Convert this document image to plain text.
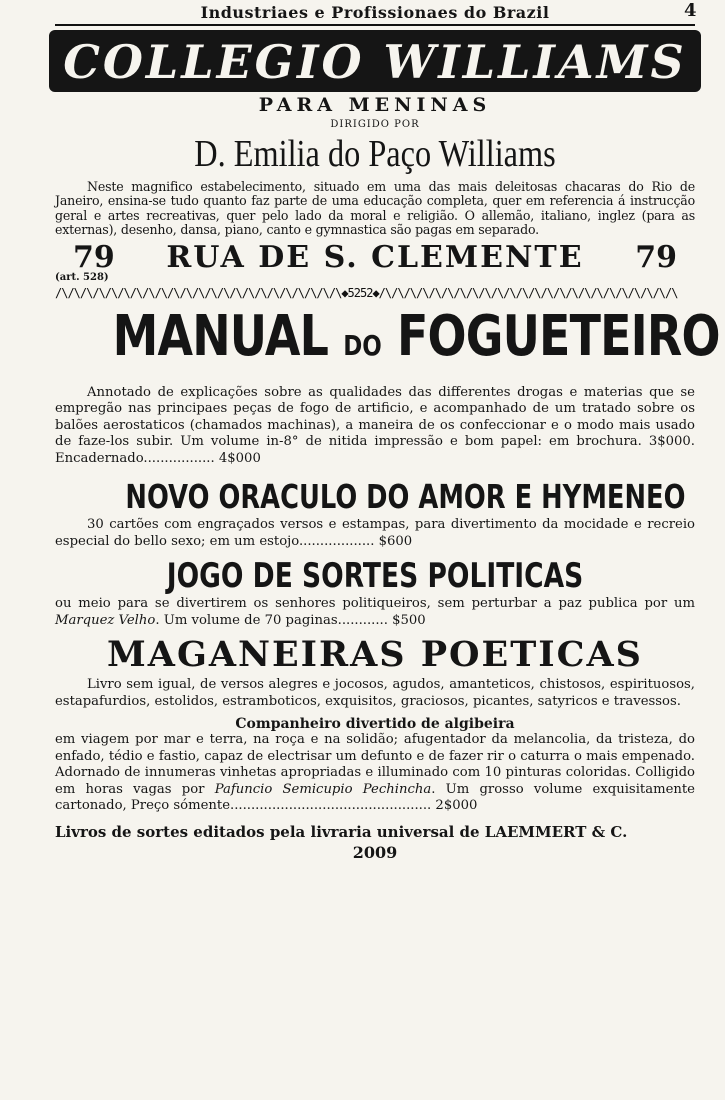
Industriaes e Profissionaes do Brazil	4
COLLEGIO WILLIAMS
PARA MENINAS
DIRIGIDO POR
D. Emilia do Paço Williams
Neste magnifico estabelecimento, situado em uma das mais deleitosas chacaras do Rio de Janeiro, ensina-se tudo quanto faz parte de uma educação completa, quer em referencia á instrucção geral e artes recreativas, quer pelo lado da moral e religião. O allemão, italiano, inglez (para as externas), desenho, dansa, piano, canto e gymnastica são pagas em separado.
79 RUA DE S. CLEMENTE 79
(art. 528)
/\/\/\/\/\/\/\/\/\/\/\/\/\/\/\/\/\/\/\/\/\/\/\◆5252◆/\/\/\/\/\/\/\/\/\/\/\/\/\/\/\/\/\/\/\/\/\/\/\/\
MANUAL DO FOGUETEIRO
Annotado de explicações sobre as qualidades das differentes drogas e materias que se empregão nas principaes peças de fogo de artificio, e acompanhado de um tratado sobre os balões aerostaticos (chamados machinas), a maneira de os confeccionar e o modo mais usado de faze-los subir. Um volume in-8° de nitida impressão e bom papel: em brochura. 3$000. Encadernado................. 4$000
NOVO ORACULO DO AMOR E HYMENEO
30 cartões com engraçados versos e estampas, para divertimento da mocidade e recreio especial do bello sexo; em um estojo.................. $600
JOGO DE SORTES POLITICAS
ou meio para se divertirem os senhores politiqueiros, sem perturbar a paz publica por um Marquez Velho. Um volume de 70 paginas............ $500
MAGANEIRAS POETICAS
Livro sem igual, de versos alegres e jocosos, agudos, amanteticos, chistosos, espirituosos, estapafurdios, estolidos, estramboticos, exquisitos, graciosos, picantes, satyricos e travessos.
Companheiro divertido de algibeira
em viagem por mar e terra, na roça e na solidão; afugentador da melancolia, da tristeza, do enfado, tédio e fastio, capaz de electrisar um defunto e de fazer rir o caturra o mais empenado. Adornado de innumeras vinhetas apropriadas e illuminado com 10 pinturas coloridas. Colligido em horas vagas por Pafuncio Semicupio Pechincha. Um grosso volume exquisitamente cartonado, Preço sómente................................................ 2$000
Livros de sortes editados pela livraria universal de LAEMMERT & C.
2009
